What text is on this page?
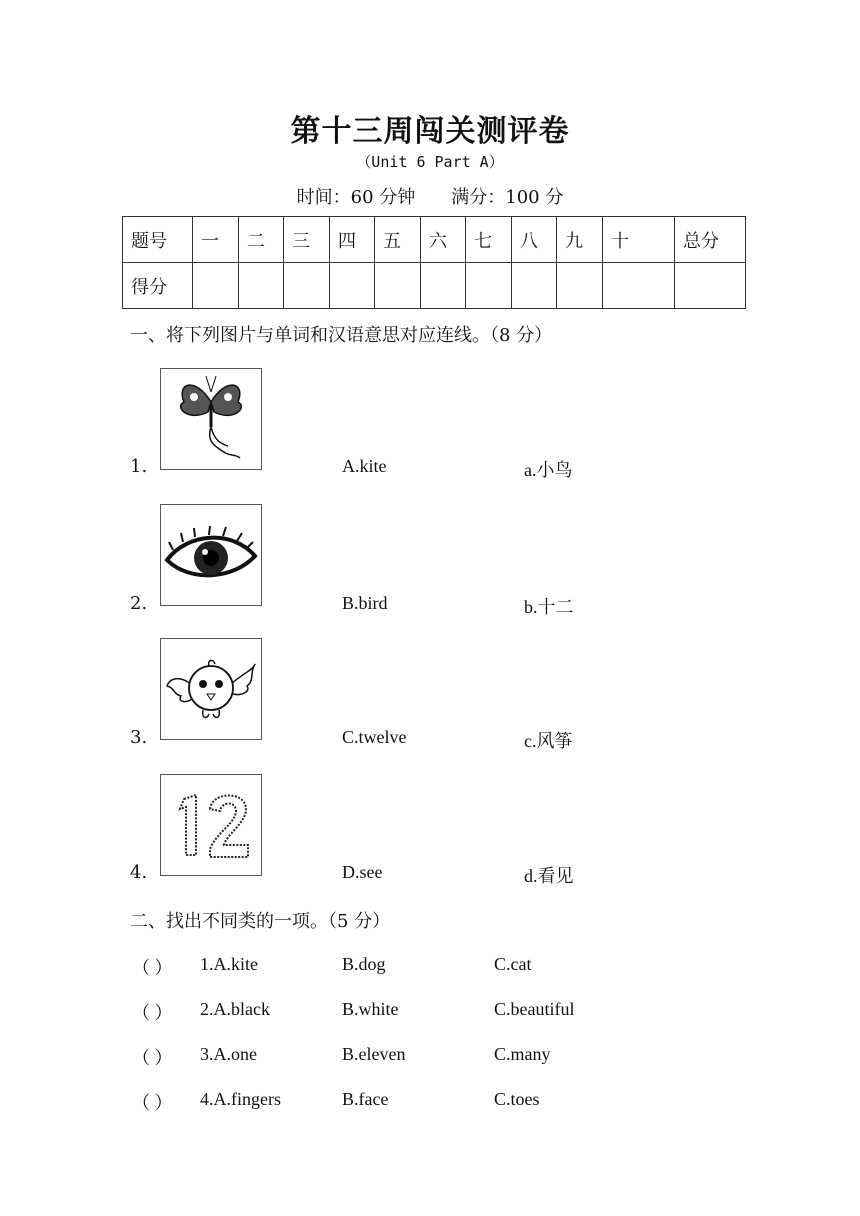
第十三周闯关测评卷
（Unit 6 Part A）
时间：60 分钟 满分：100 分
题号	一	二	三	四	五	六	七	八	九	十	总分
得分											
一、将下列图片与单词和汉语意思对应连线。（8 分）
1.	A.kite	a.小鸟
2.	B.bird	b.十二
3.	C.twelve	c.风筝
4.	D.see	d.看见
二、找出不同类的一项。（5 分）
（ ） 1.A.kite	B.dog	C.cat
（ ） 2.A.black	B.white	C.beautiful
（ ） 3.A.one	B.eleven	C.many
（ ） 4.A.fingers	B.face	C.toes
